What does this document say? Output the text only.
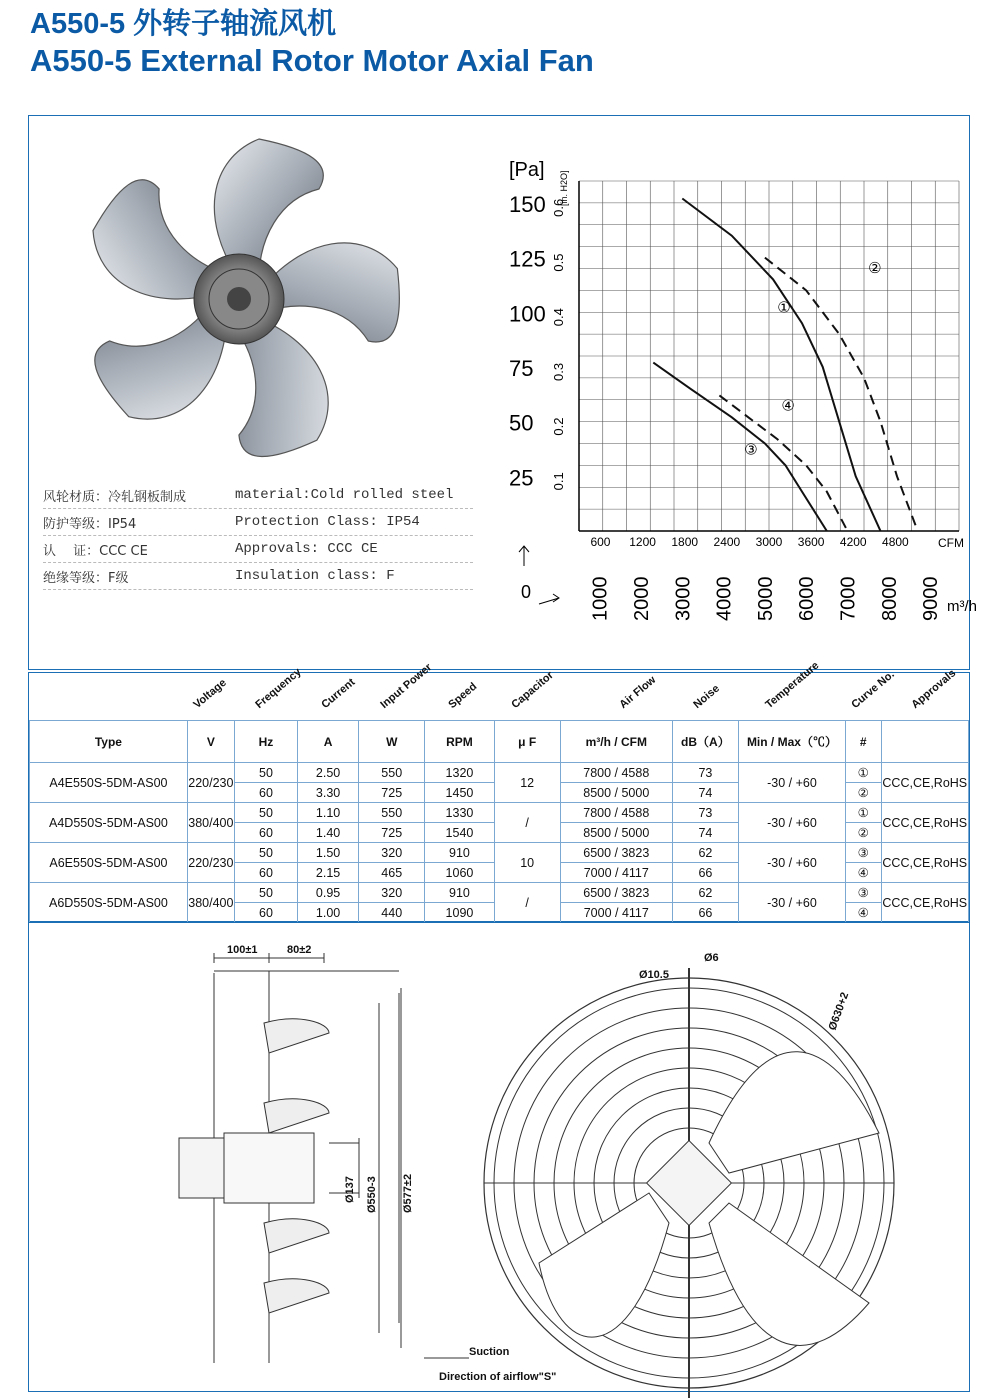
A550-5 外转子轴流风机
A550-5 External Rotor Motor Axial Fan
风轮材质：冷轧钢板制成	material:Cold rolled steel
防护等级：IP54	Protection Class: IP54
认　 证：CCC CE	Approvals: CCC CE
绝缘等级：F级	Insulation class: F
150
125
100
75
50
25
0.6
0.5
0.4
0.3
0.2
0.1
[Pa]
[in. H2O]
600 1200 1800 2400 3000 3600 4200 4800 CFM
1000 2000 3000 4000 5000 6000 7000 8000 9000 m³/h
0
①
②
③
④
Voltage Frequency Current Input Power Speed	Capacitor	Air Flow	Noise	Temperature	Curve No. Approvals
Type	V	Hz	A	W	RPM	μ F	m³/h / CFM	dB（A）	Min / Max（℃）	#	
A4E550S-5DM-AS00	220/230	50	2.50	550	1320	12	7800 / 4588	73	-30 / +60	①	CCC,CE,RoHS
		60	3.30	725	1450		8500 / 5000	74		②	
A4D550S-5DM-AS00	380/400	50	1.10	550	1330	/	7800 / 4588	73	-30 / +60	①	CCC,CE,RoHS
		60	1.40	725	1540		8500 / 5000	74		②	
A6E550S-5DM-AS00	220/230	50	1.50	320	910	10	6500 / 3823	62	-30 / +60	③	CCC,CE,RoHS
		60	2.15	465	1060		7000 / 4117	66		④	
A6D550S-5DM-AS00	380/400	50	0.95	320	910	/	6500 / 3823	62	-30 / +60	③	CCC,CE,RoHS
		60	1.00	440	1090		7000 / 4117	66		④	
100±1	80±2
Ø137 Ø550-3 Ø577±2
Suction
Direction of airflow"S"
Ø6
Ø10.5
Ø630+2
